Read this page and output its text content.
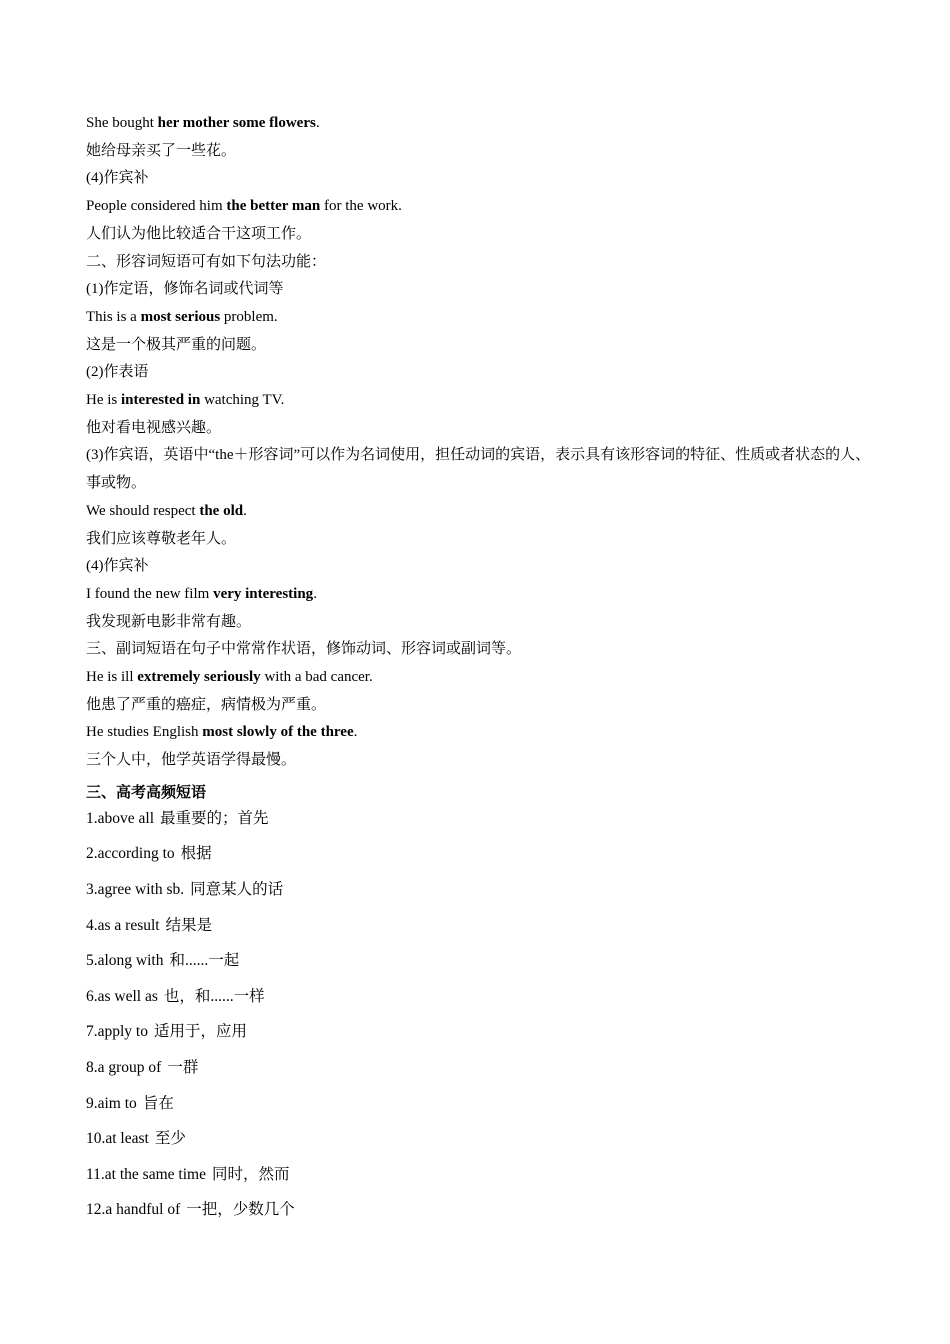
She bought her mother some flowers.
她给母亲买了一些花。
(4)作宾补
People considered him the better man for the work.
人们认为他比较适合干这项工作。
二、形容词短语可有如下句法功能：
(1)作定语，修饰名词或代词等
This is a most serious problem.
这是一个极其严重的问题。
(2)作表语
He is interested in watching TV.
他对看电视感兴趣。
(3)作宾语，英语中“the＋形容词”可以作为名词使用，担任动词的宾语，表示具有该形容词的特征、性质或者状态的人、事或物。
We should respect the old.
我们应该尊敬老年人。
(4)作宾补
I found the new film very interesting.
我发现新电影非常有趣。
三、副词短语在句子中常常作状语，修饰动词、形容词或副词等。
He is ill extremely seriously with a bad cancer.
他患了严重的癌症，病情极为严重。
He studies English most slowly of the three.
三个人中，他学英语学得最慢。
三、高考高频短语
1.above all 最重要的；首先
2.according to 根据
3.agree with sb. 同意某人的话
4.as a result 结果是
5.along with 和......一起
6.as well as 也，和......一样
7.apply to 适用于，应用
8.a group of 一群
9.aim to 旨在
10.at least 至少
11.at the same time 同时，然而
12.a handful of 一把，少数几个
